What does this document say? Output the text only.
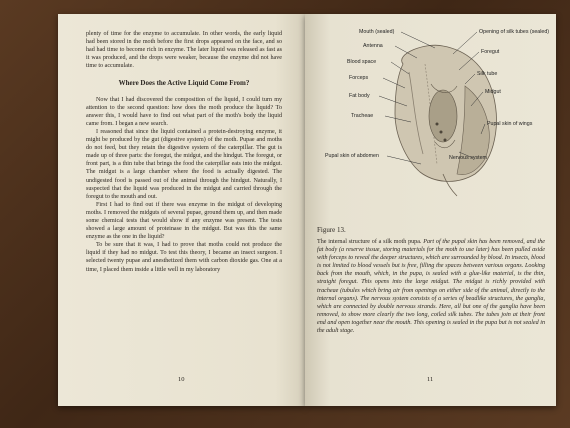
plenty of time for the enzyme to accumulate. In other words, the early liquid had been stored in the moth before the first drops appeared on the face, and so had had time to become rich in enzyme. The later liquid was released as fast as it was produced, and the drops were weaker, because the enzyme did not have time to accumulate.

Where Does the Active Liquid Come From?

Now that I had discovered the composition of the liquid, I could turn my attention to the second question: how does the moth produce the liquid? To answer this, I would have to find out what part of the moth's body the liquid came from. I began a new search.

I reasoned that since the liquid contained a protein-destroying enzyme, it might be produced by the gut (digestive system) of the moth. Pupae and moths do not feed, but they retain the digestive system of the caterpillar. The gut is made up of three parts: the foregut, the midgut, and the hindgut. The foregut, or front part, is a thin tube that brings the food the caterpillar eats into the midgut. The midgut is a large chamber where the food is actually digested. The undigested food is passed out of the animal through the hindgut. Naturally, I suspected that the liquid was produced in the midgut and carried through the foregut to the mouth and out.

First I had to find out if there was enzyme in the midgut of developing moths. I removed the midguts of several pupae, ground them up, and then made some chemical tests that would show if any enzyme was present. The tests showed a large amount of proteinase in the midgut. But was this the same enzyme as the one in the liquid?

To be sure that it was, I had to prove that moths could not produce the liquid if they had no midgut. To test this theory, I became an insect surgeon. I selected twenty pupae and anesthetized them with carbon dioxide gas. One at a time, I placed them inside a little well in my laboratory

10
Mouth (sealed)
Antenna
Blood space
Forceps
Fat body
Tracheae
Pupal skin of abdomen
Opening of silk tubes (sealed)
Foregut
Silk tube
Midgut
Pupal skin of wings
Nervous system
Figure 13.

The internal structure of a silk moth pupa. Part of the pupal skin has been removed, and the fat body (a reserve tissue, storing materials for the moth to use later) has been pulled aside with forceps to reveal the deeper structures, which are surrounded by blood. In insects, blood is not limited to blood vessels but is free, filling the spaces between various organs. Looking back from the mouth, which, in the pupa, is sealed with a glue-like material, is the thin, straight foregut. This opens into the large midgut. The midgut is richly provided with tracheae (tubules which bring air from openings on either side of the animal, directly to the internal organs). The nervous system consists of a series of beadlike structures, the ganglia, which are connected by double nervous strands. Here, all but one of the ganglia have been removed, to show more clearly the two long, coiled silk tubes. The tubes join at their front end and open together near the mouth. This opening is sealed in the pupa but is not sealed in the adult stage.

11
